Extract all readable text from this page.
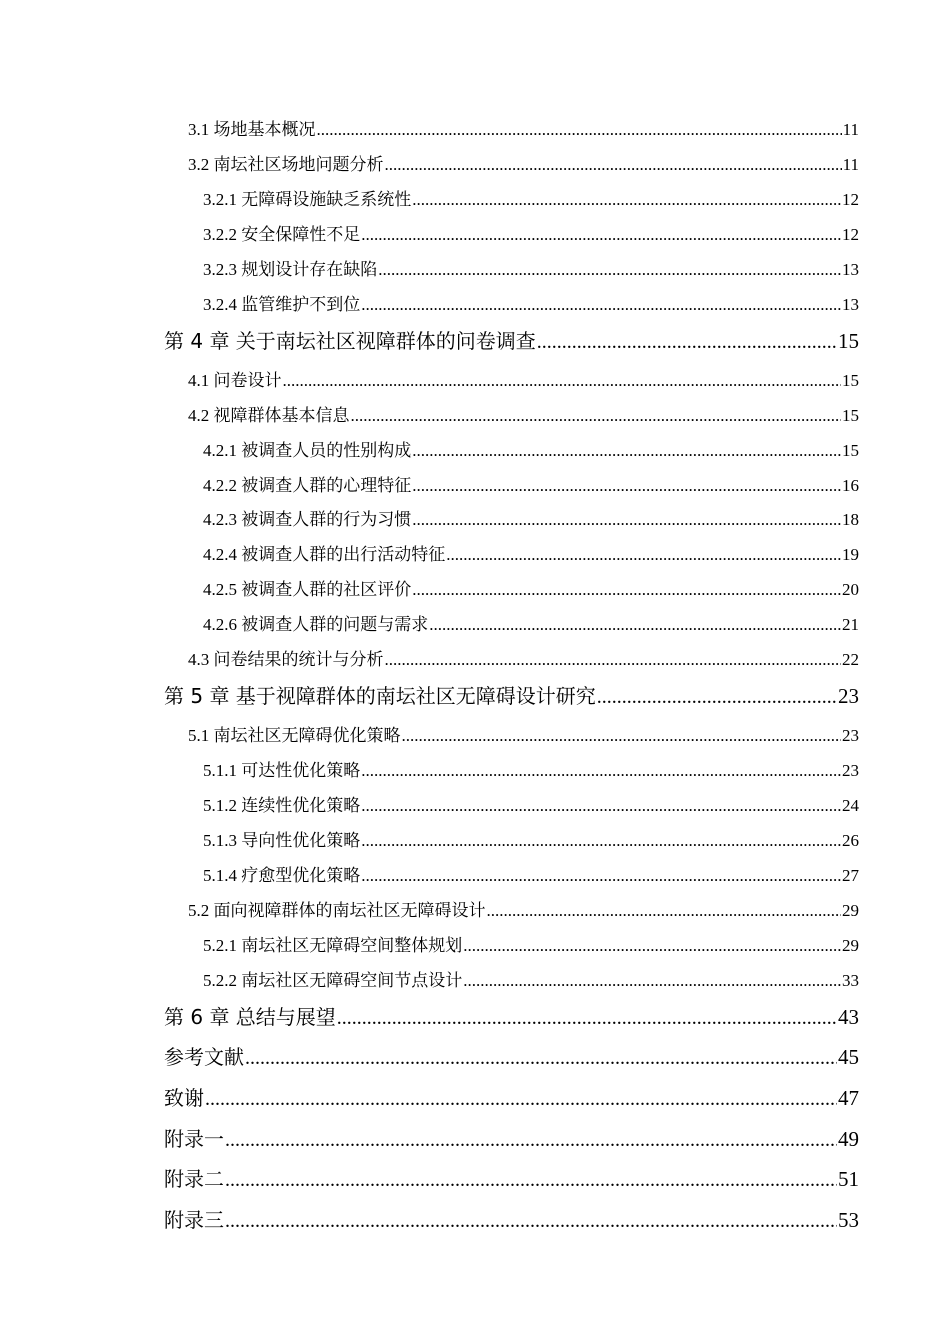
3.1 场地基本概况 .....	11
3.2 南坛社区场地问题分析 .....	11
3.2.1 无障碍设施缺乏系统性 .....	12
3.2.2 安全保障性不足 .....	12
3.2.3 规划设计存在缺陷 .....	13
3.2.4 监管维护不到位 .....	13
第 4 章 关于南坛社区视障群体的问卷调查 .....	15
4.1 问卷设计 .....	15
4.2 视障群体基本信息 .....	15
4.2.1 被调查人员的性别构成 .....	15
4.2.2 被调查人群的心理特征 .....	16
4.2.3 被调查人群的行为习惯 .....	18
4.2.4 被调查人群的出行活动特征 .....	19
4.2.5 被调查人群的社区评价 .....	20
4.2.6 被调查人群的问题与需求 .....	21
4.3 问卷结果的统计与分析 .....	22
第 5 章 基于视障群体的南坛社区无障碍设计研究 .....	23
5.1 南坛社区无障碍优化策略 .....	23
5.1.1 可达性优化策略 .....	23
5.1.2 连续性优化策略 .....	24
5.1.3 导向性优化策略 .....	26
5.1.4 疗愈型优化策略 .....	27
5.2 面向视障群体的南坛社区无障碍设计 .....	29
5.2.1 南坛社区无障碍空间整体规划 .....	29
5.2.2 南坛社区无障碍空间节点设计 .....	33
第 6 章 总结与展望 .....	43
参考文献 .....	45
致谢 .....	47
附录一 .....	49
附录二 .....	51
附录三 .....	53
